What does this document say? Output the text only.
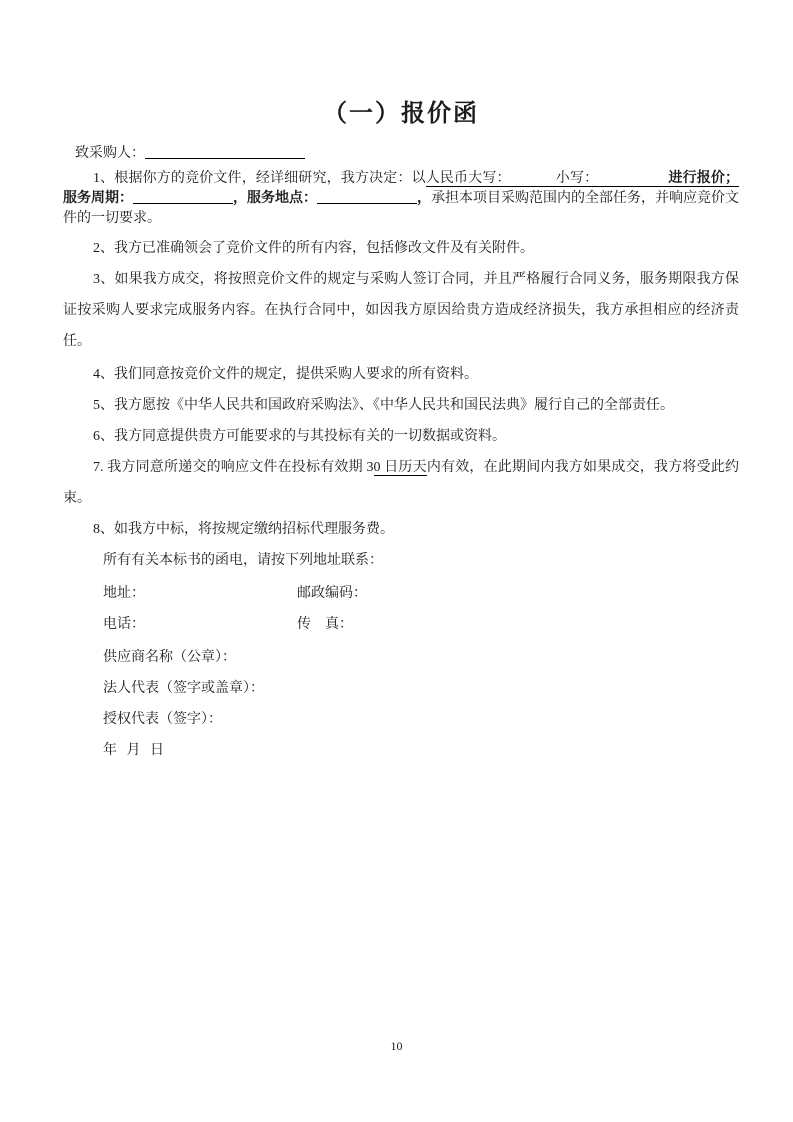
（一）报价函

致采购人：

1、根据你方的竞价文件，经详细研究，我方决定：以人民币大写：	小写：	进行报价；服务周期：	，服务地点：	，承担本项目采购范围内的全部任务，并响应竞价文件的一切要求。

2、我方已准确领会了竞价文件的所有内容，包括修改文件及有关附件。

3、如果我方成交，将按照竞价文件的规定与采购人签订合同，并且严格履行合同义务，服务期限我方保证按采购人要求完成服务内容。在执行合同中，如因我方原因给贵方造成经济损失，我方承担相应的经济责任。

4、我们同意按竞价文件的规定，提供采购人要求的所有资料。

5、我方愿按《中华人民共和国政府采购法》、《中华人民共和国民法典》履行自己的全部责任。

6、我方同意提供贵方可能要求的与其投标有关的一切数据或资料。

7. 我方同意所递交的响应文件在投标有效期 30 日历天内有效，在此期间内我方如果成交，我方将受此约束。

8、如我方中标，将按规定缴纳招标代理服务费。

所有有关本标书的函电，请按下列地址联系：

地址：	邮政编码：

电话：	传　真：

供应商名称（公章）：

法人代表（签字或盖章）：

授权代表（签字）：

年 月 日

10
